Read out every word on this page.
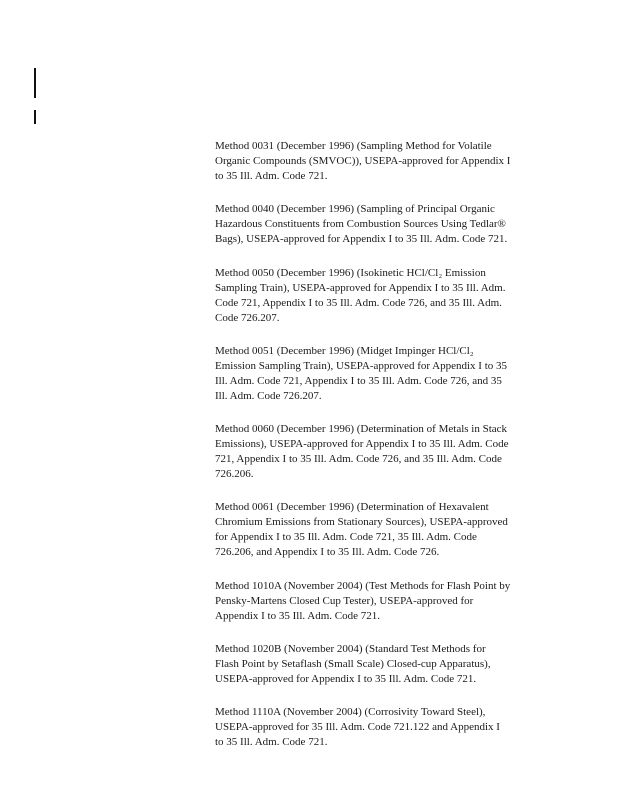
Method 0031 (December 1996) (Sampling Method for Volatile
Organic Compounds (SMVOC)), USEPA-approved for Appendix I
to 35 Ill. Adm. Code 721.

Method 0040 (December 1996) (Sampling of Principal Organic
Hazardous Constituents from Combustion Sources Using Tedlar®
Bags), USEPA-approved for Appendix I to 35 Ill. Adm. Code 721.

Method 0050 (December 1996) (Isokinetic HCl/Cl₂ Emission
Sampling Train), USEPA-approved for Appendix I to 35 Ill. Adm.
Code 721, Appendix I to 35 Ill. Adm. Code 726, and 35 Ill. Adm.
Code 726.207.

Method 0051 (December 1996) (Midget Impinger HCl/Cl₂
Emission Sampling Train), USEPA-approved for Appendix I to 35
Ill. Adm. Code 721, Appendix I to 35 Ill. Adm. Code 726, and 35
Ill. Adm. Code 726.207.

Method 0060 (December 1996) (Determination of Metals in Stack
Emissions), USEPA-approved for Appendix I to 35 Ill. Adm. Code
721, Appendix I to 35 Ill. Adm. Code 726, and 35 Ill. Adm. Code
726.206.

Method 0061 (December 1996) (Determination of Hexavalent
Chromium Emissions from Stationary Sources), USEPA-approved
for Appendix I to 35 Ill. Adm. Code 721, 35 Ill. Adm. Code
726.206, and Appendix I to 35 Ill. Adm. Code 726.

Method 1010A (November 2004) (Test Methods for Flash Point by
Pensky-Martens Closed Cup Tester), USEPA-approved for
Appendix I to 35 Ill. Adm. Code 721.

Method 1020B (November 2004) (Standard Test Methods for
Flash Point by Setaflash (Small Scale) Closed-cup Apparatus),
USEPA-approved for Appendix I to 35 Ill. Adm. Code 721.

Method 1110A (November 2004) (Corrosivity Toward Steel),
USEPA-approved for 35 Ill. Adm. Code 721.122 and Appendix I
to 35 Ill. Adm. Code 721.
